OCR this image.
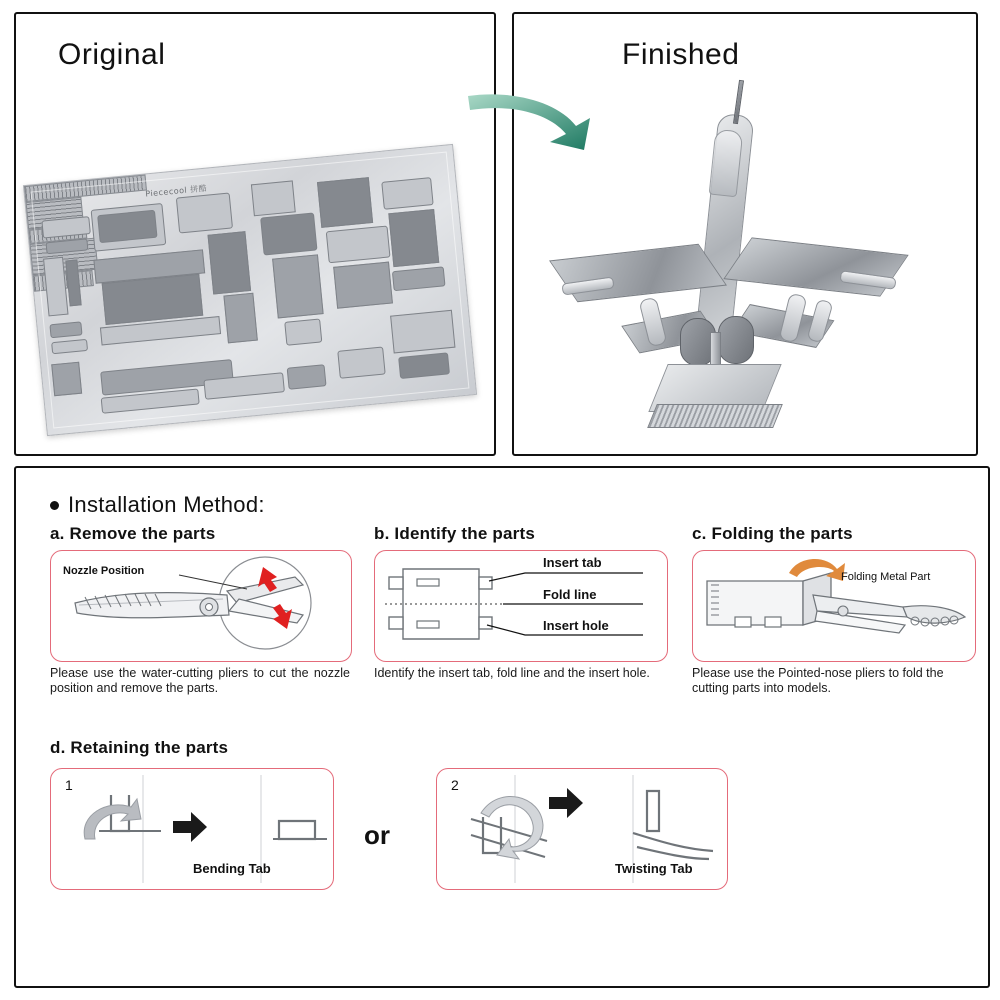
Original
Piececool 拼酷
Finished
Installation Method:
a. Remove the parts
Nozzle Position
Please use the water-cutting pliers to cut the nozzle position and remove the parts.
b. Identify the parts
Insert tab
Fold line
Insert hole
Identify the insert tab, fold line and the insert hole.
c. Folding the parts
Folding Metal Part
Please use the Pointed-nose pliers to fold the cutting parts into models.
d. Retaining the parts
1
Bending Tab
or
2
Twisting Tab
